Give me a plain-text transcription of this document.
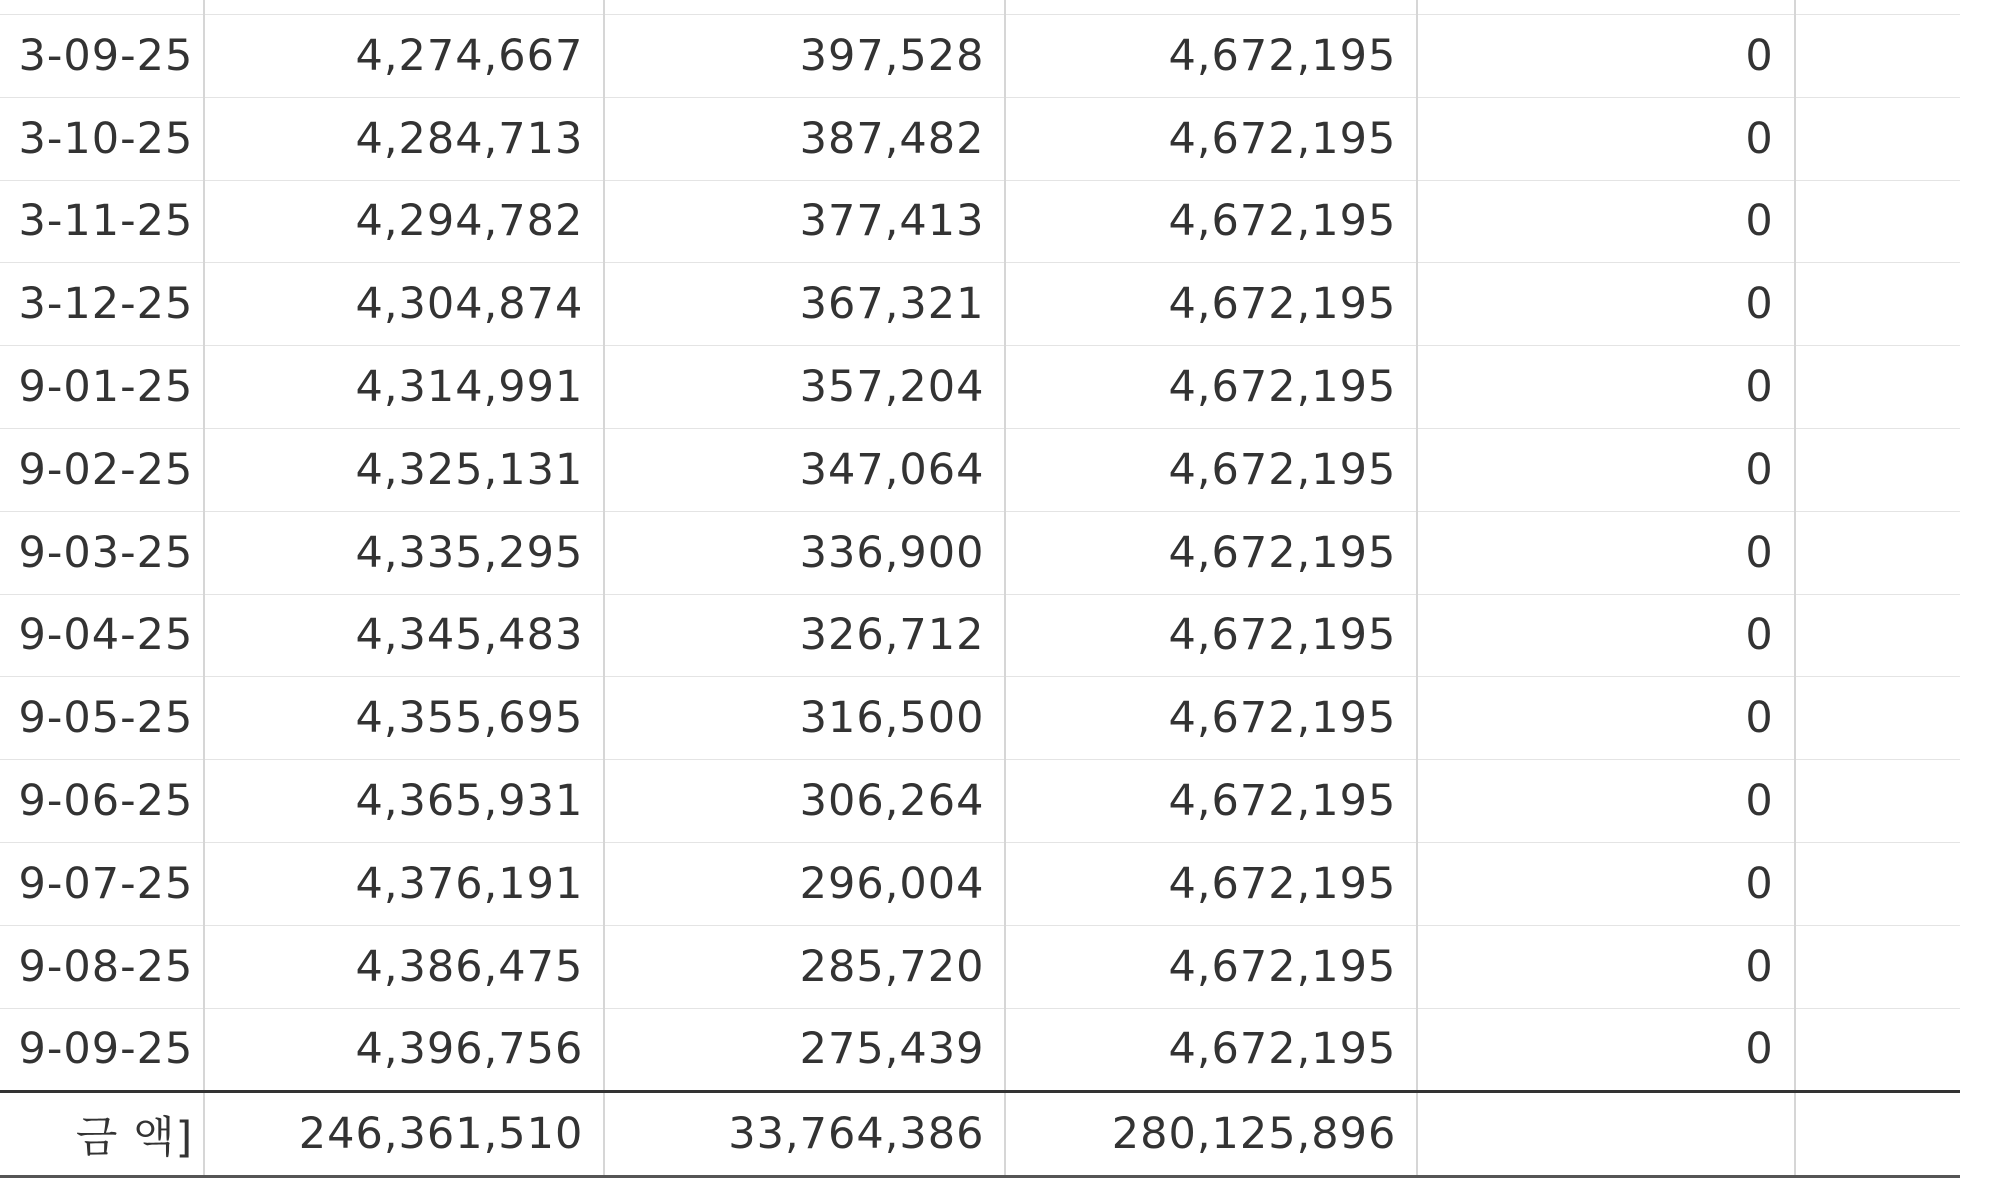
3-09-25	4,274,667	397,528	4,672,195	0	
3-10-25	4,284,713	387,482	4,672,195	0	
3-11-25	4,294,782	377,413	4,672,195	0	
3-12-25	4,304,874	367,321	4,672,195	0	
9-01-25	4,314,991	357,204	4,672,195	0	
9-02-25	4,325,131	347,064	4,672,195	0	
9-03-25	4,335,295	336,900	4,672,195	0	
9-04-25	4,345,483	326,712	4,672,195	0	
9-05-25	4,355,695	316,500	4,672,195	0	
9-06-25	4,365,931	306,264	4,672,195	0	
9-07-25	4,376,191	296,004	4,672,195	0	
9-08-25	4,386,475	285,720	4,672,195	0	
9-09-25	4,396,756	275,439	4,672,195	0	
금 액]	246,361,510	33,764,386	280,125,896		
